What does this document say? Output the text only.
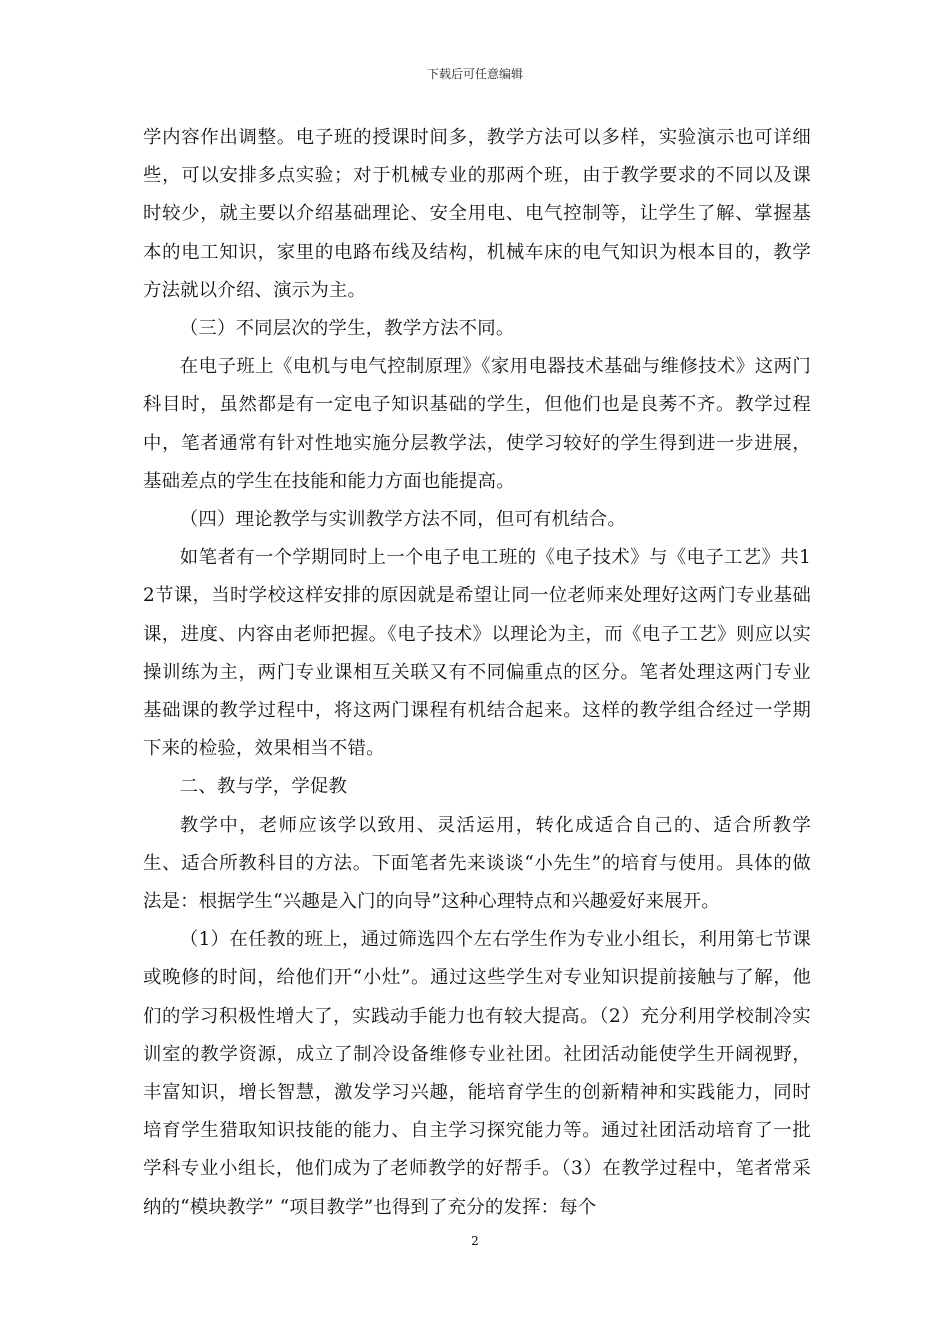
下载后可任意编辑

学内容作出调整。电子班的授课时间多，教学方法可以多样，实验演示也可详细些，可以安排多点实验；对于机械专业的那两个班，由于教学要求的不同以及课时较少，就主要以介绍基础理论、安全用电、电气控制等，让学生了解、掌握基本的电工知识，家里的电路布线及结构，机械车床的电气知识为根本目的，教学方法就以介绍、演示为主。

（三）不同层次的学生，教学方法不同。

在电子班上《电机与电气控制原理》《家用电器技术基础与维修技术》这两门科目时，虽然都是有一定电子知识基础的学生，但他们也是良莠不齐。教学过程中，笔者通常有针对性地实施分层教学法，使学习较好的学生得到进一步进展，基础差点的学生在技能和能力方面也能提高。

（四）理论教学与实训教学方法不同，但可有机结合。

如笔者有一个学期同时上一个电子电工班的《电子技术》与《电子工艺》共12节课，当时学校这样安排的原因就是希望让同一位老师来处理好这两门专业基础课，进度、内容由老师把握。《电子技术》以理论为主，而《电子工艺》则应以实操训练为主，两门专业课相互关联又有不同偏重点的区分。笔者处理这两门专业基础课的教学过程中，将这两门课程有机结合起来。这样的教学组合经过一学期下来的检验，效果相当不错。

二、教与学，学促教

教学中，老师应该学以致用、灵活运用，转化成适合自己的、适合所教学生、适合所教科目的方法。下面笔者先来谈谈“小先生”的培育与使用。具体的做法是：根据学生“兴趣是入门的向导”这种心理特点和兴趣爱好来展开。

（1）在任教的班上，通过筛选四个左右学生作为专业小组长，利用第七节课或晚修的时间，给他们开“小灶”。通过这些学生对专业知识提前接触与了解，他们的学习积极性增大了，实践动手能力也有较大提高。（2）充分利用学校制冷实训室的教学资源，成立了制冷设备维修专业社团。社团活动能使学生开阔视野，丰富知识，增长智慧，激发学习兴趣，能培育学生的创新精神和实践能力，同时培育学生猎取知识技能的能力、自主学习探究能力等。通过社团活动培育了一批学科专业小组长，他们成为了老师教学的好帮手。（3）在教学过程中，笔者常采纳的“模块教学” “项目教学”也得到了充分的发挥：每个

2
